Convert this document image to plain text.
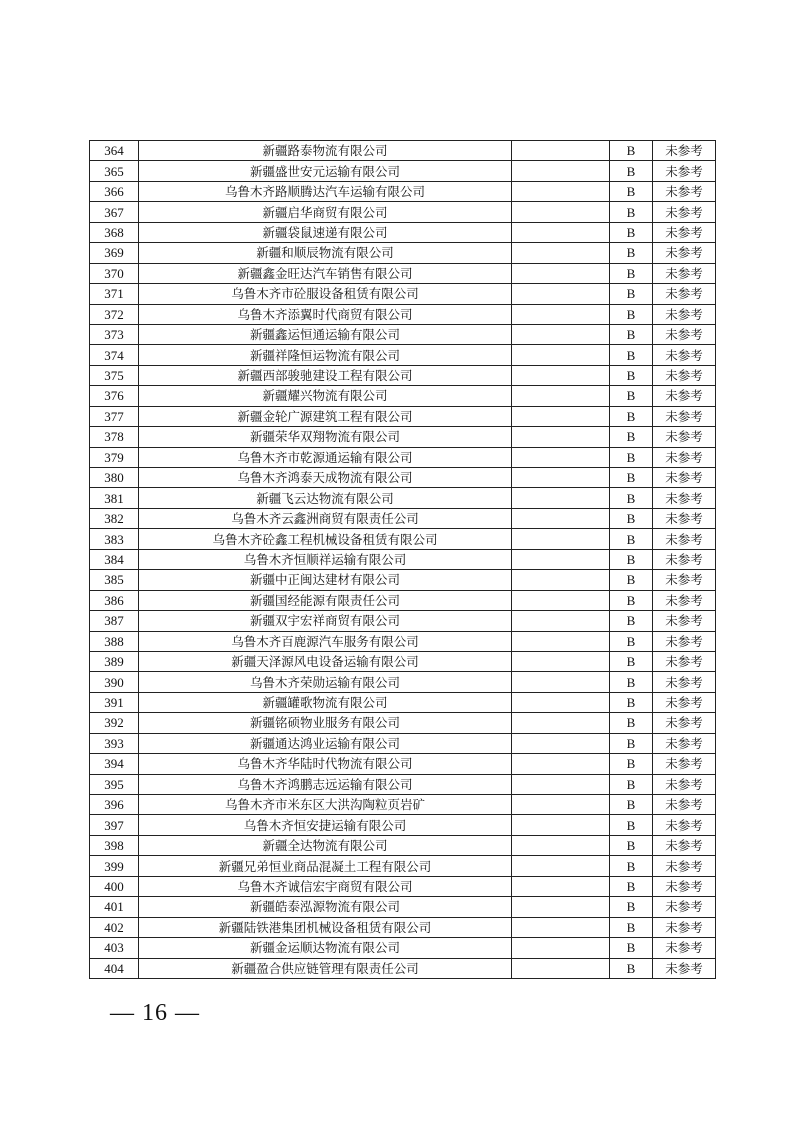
364	新疆路泰物流有限公司		B	未参考
365	新疆盛世安元运输有限公司		B	未参考
366	乌鲁木齐路顺腾达汽车运输有限公司		B	未参考
367	新疆启华商贸有限公司		B	未参考
368	新疆袋鼠速递有限公司		B	未参考
369	新疆和顺辰物流有限公司		B	未参考
370	新疆鑫金旺达汽车销售有限公司		B	未参考
371	乌鲁木齐市砼服设备租赁有限公司		B	未参考
372	乌鲁木齐添翼时代商贸有限公司		B	未参考
373	新疆鑫运恒通运输有限公司		B	未参考
374	新疆祥隆恒运物流有限公司		B	未参考
375	新疆西部骏驰建设工程有限公司		B	未参考
376	新疆耀兴物流有限公司		B	未参考
377	新疆金轮广源建筑工程有限公司		B	未参考
378	新疆荣华双翔物流有限公司		B	未参考
379	乌鲁木齐市乾源通运输有限公司		B	未参考
380	乌鲁木齐鸿泰天成物流有限公司		B	未参考
381	新疆飞云达物流有限公司		B	未参考
382	乌鲁木齐云鑫洲商贸有限责任公司		B	未参考
383	乌鲁木齐砼鑫工程机械设备租赁有限公司		B	未参考
384	乌鲁木齐恒顺祥运输有限公司		B	未参考
385	新疆中正闽达建材有限公司		B	未参考
386	新疆国经能源有限责任公司		B	未参考
387	新疆双宇宏祥商贸有限公司		B	未参考
388	乌鲁木齐百鹿源汽车服务有限公司		B	未参考
389	新疆天泽源风电设备运输有限公司		B	未参考
390	乌鲁木齐荣勋运输有限公司		B	未参考
391	新疆罐歌物流有限公司		B	未参考
392	新疆铭硕物业服务有限公司		B	未参考
393	新疆通达鸿业运输有限公司		B	未参考
394	乌鲁木齐华陆时代物流有限公司		B	未参考
395	乌鲁木齐鸿鹏志远运输有限公司		B	未参考
396	乌鲁木齐市米东区大洪沟陶粒页岩矿		B	未参考
397	乌鲁木齐恒安捷运输有限公司		B	未参考
398	新疆全达物流有限公司		B	未参考
399	新疆兄弟恒业商品混凝土工程有限公司		B	未参考
400	乌鲁木齐诚信宏宇商贸有限公司		B	未参考
401	新疆皓泰泓源物流有限公司		B	未参考
402	新疆陆铁港集团机械设备租赁有限公司		B	未参考
403	新疆金运顺达物流有限公司		B	未参考
404	新疆盈合供应链管理有限责任公司		B	未参考
— 16 —
